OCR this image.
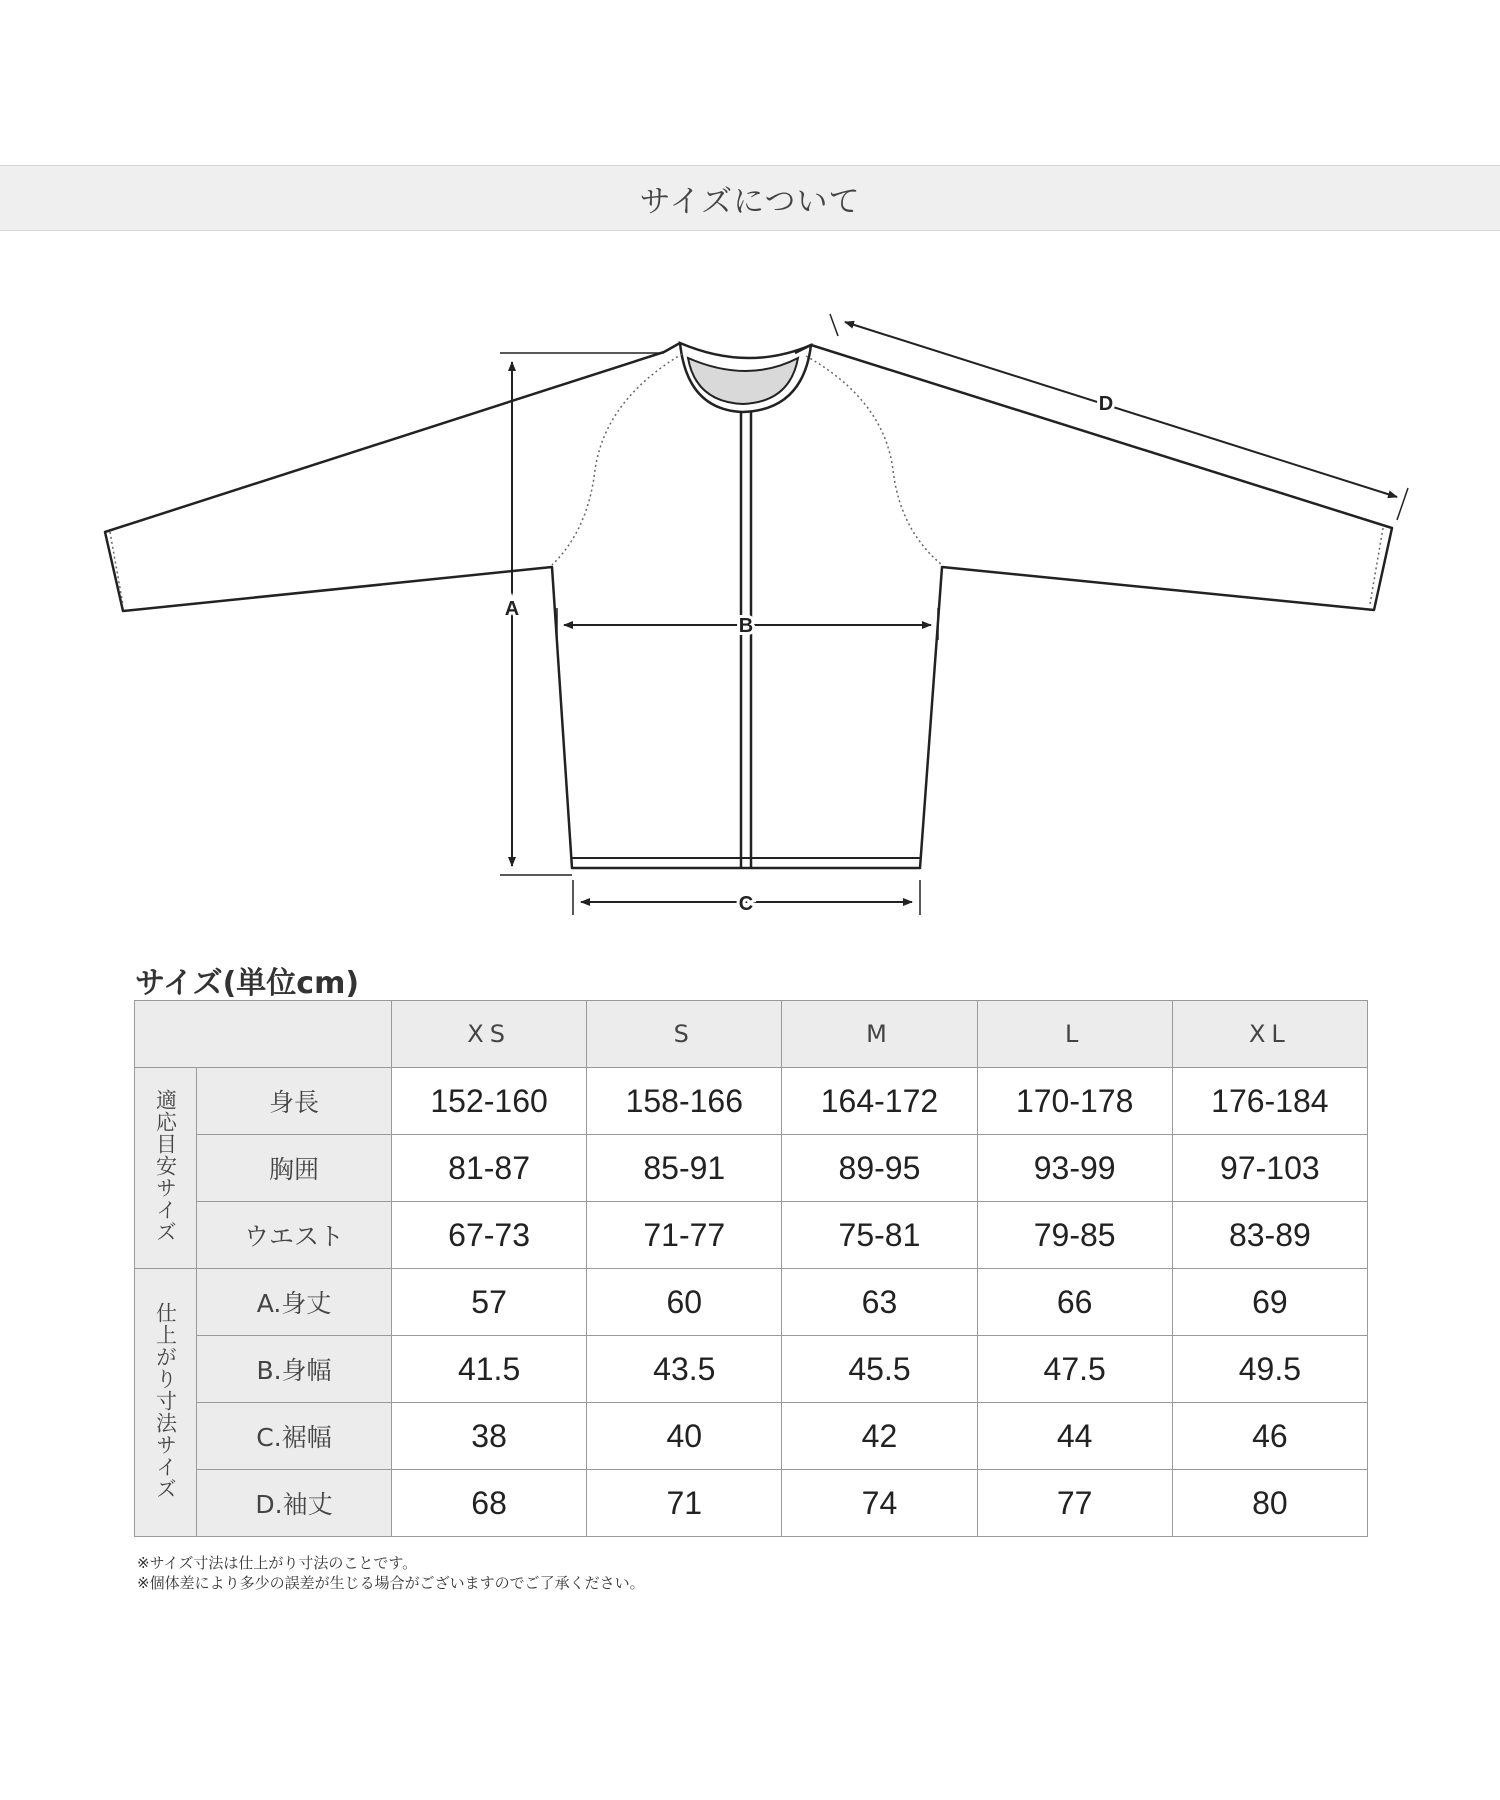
サイズについて
A
B
C
D
サイズ(単位cm)
		XS	S	M	L	XL
適応目安サイズ	身長	152-160	158-166	164-172	170-178	176-184
	胸囲	81-87	85-91	89-95	93-99	97-103
	ウエスト	67-73	71-77	75-81	79-85	83-89
仕上がり寸法サイズ	A.身丈	57	60	63	66	69
	B.身幅	41.5	43.5	45.5	47.5	49.5
	C.裾幅	38	40	42	44	46
	D.袖丈	68	71	74	77	80
※サイズ寸法は仕上がり寸法のことです。
※個体差により多少の誤差が生じる場合がございますのでご了承ください。
